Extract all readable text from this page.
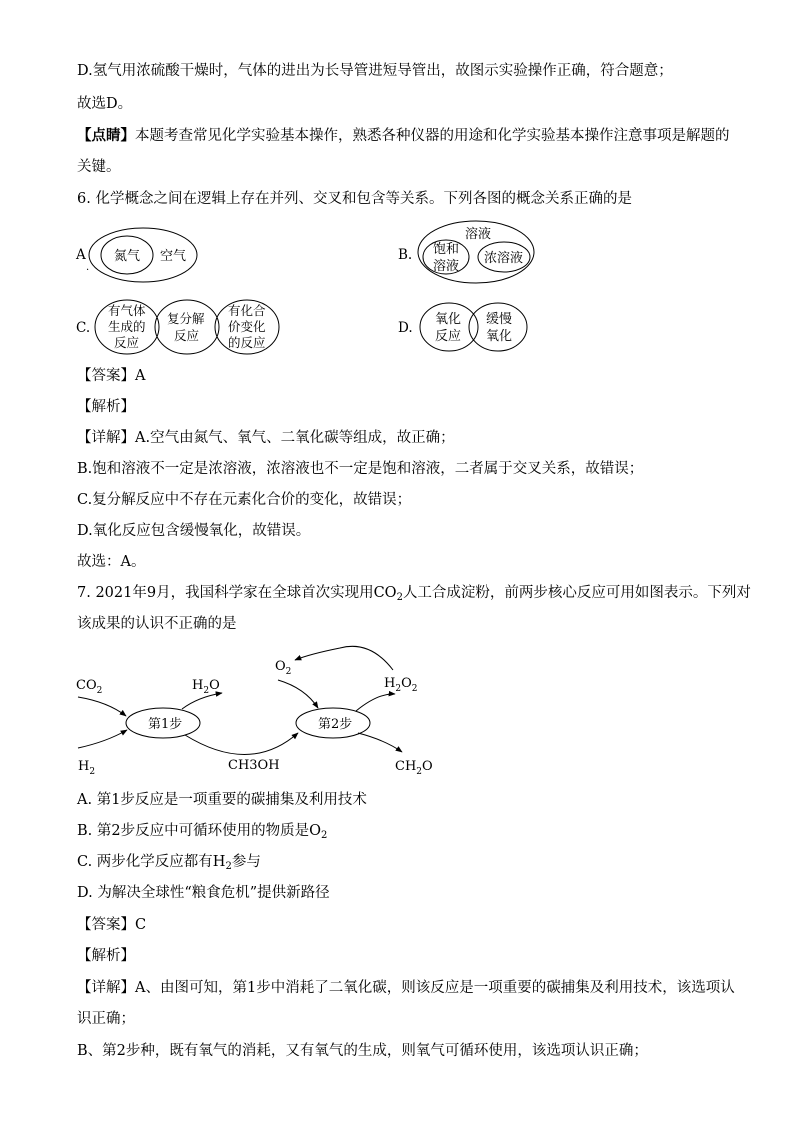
D.氢气用浓硫酸干燥时，气体的进出为长导管进短导管出，故图示实验操作正确，符合题意；
故选D。
【点睛】本题考查常见化学实验基本操作，熟悉各种仪器的用途和化学实验基本操作注意事项是解题的
关键。
6. 化学概念之间在逻辑上存在并列、交叉和包含等关系。下列各图的概念关系正确的是
A
.
氮气 空气	B.
溶液
饱和
溶液
浓溶液
C.
有气体
生成的
反应
复分解
反应
有化合
价变化
的反应
D.
氧化
反应
缓慢
氧化
【答案】A
【解析】
【详解】A.空气由氮气、氧气、二氧化碳等组成，故正确；
B.饱和溶液不一定是浓溶液，浓溶液也不一定是饱和溶液，二者属于交叉关系，故错误；
C.复分解反应中不存在元素化合价的变化，故错误；
D.氧化反应包含缓慢氧化，故错误。
故选：A。
7. 2021年9月，我国科学家在全球首次实现用$CO_2$人工合成淀粉，前两步核心反应可用如图表示。下列对
该成果的认识不正确的是
第1步	第2步
$CO_2$
$H_2$
$H_2O$
CH3OH
$O_2$
$H_2O_2$
$CH_2O$
A. 第1步反应是一项重要的碳捕集及利用技术
B. 第2步反应中可循环使用的物质是$O_2$
C. 两步化学反应都有$H_2$参与
D. 为解决全球性“粮食危机”提供新路径
【答案】C
【解析】
【详解】A、由图可知，第1步中消耗了二氧化碳，则该反应是一项重要的碳捕集及利用技术，该选项认
识正确；
B、第2步种，既有氧气的消耗，又有氧气的生成，则氧气可循环使用，该选项认识正确；
